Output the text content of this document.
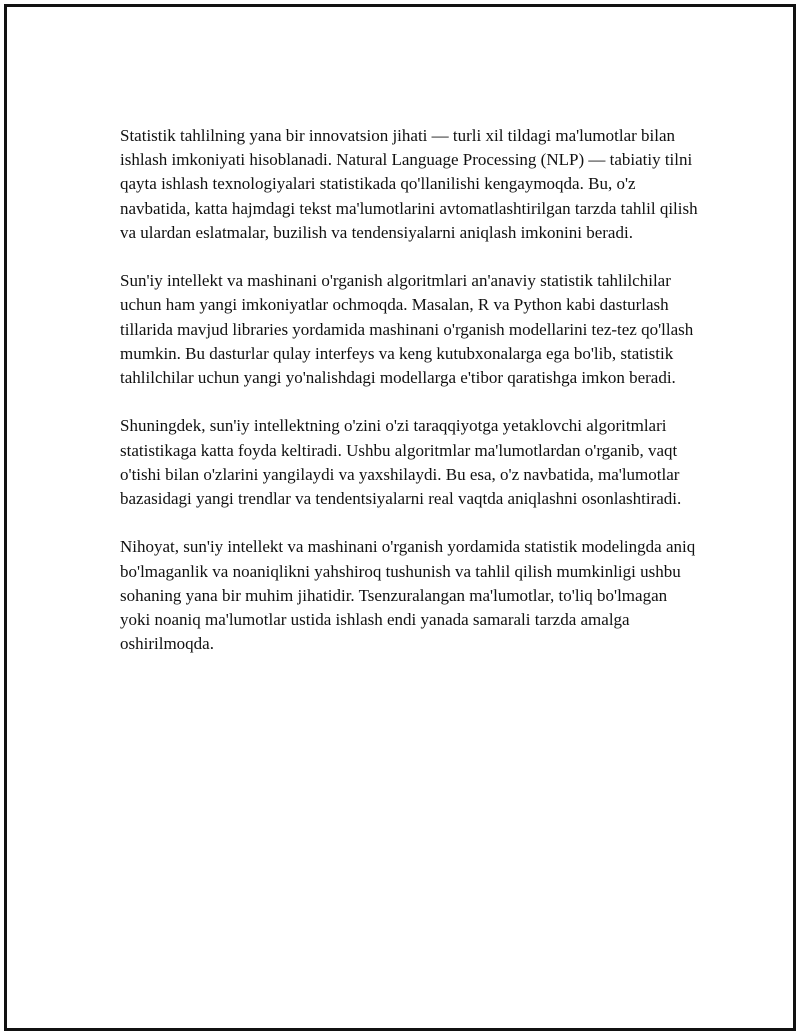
Statistik tahlilning yana bir innovatsion jihati — turli xil tildagi ma'lumotlar bilan ishlash imkoniyati hisoblanadi. Natural Language Processing (NLP) — tabiatiy tilni qayta ishlash texnologiyalari statistikada qo'llanilishi kengaymoqda. Bu, o'z navbatida, katta hajmdagi tekst ma'lumotlarini avtomatlashtirilgan tarzda tahlil qilish va ulardan eslatmalar, buzilish va tendensiyalarni aniqlash imkonini beradi.

Sun'iy intellekt va mashinani o'rganish algoritmlari an'anaviy statistik tahlilchilar uchun ham yangi imkoniyatlar ochmoqda. Masalan, R va Python kabi dasturlash tillarida mavjud libraries yordamida mashinani o'rganish modellarini tez-tez qo'llash mumkin. Bu dasturlar qulay interfeys va keng kutubxonalarga ega bo'lib, statistik tahlilchilar uchun yangi yo'nalishdagi modellarga e'tibor qaratishga imkon beradi.

Shuningdek, sun'iy intellektning o'zini o'zi taraqqiyotga yetaklovchi algoritmlari statistikaga katta foyda keltiradi. Ushbu algoritmlar ma'lumotlardan o'rganib, vaqt o'tishi bilan o'zlarini yangilaydi va yaxshilaydi. Bu esa, o'z navbatida, ma'lumotlar bazasidagi yangi trendlar va tendentsiyalarni real vaqtda aniqlashni osonlashtiradi.

Nihoyat, sun'iy intellekt va mashinani o'rganish yordamida statistik modelingda aniq bo'lmaganlik va noaniqlikni yahshiroq tushunish va tahlil qilish mumkinligi ushbu sohaning yana bir muhim jihatidir. Tsenzuralangan ma'lumotlar, to'liq bo'lmagan yoki noaniq ma'lumotlar ustida ishlash endi yanada samarali tarzda amalga oshirilmoqda.
